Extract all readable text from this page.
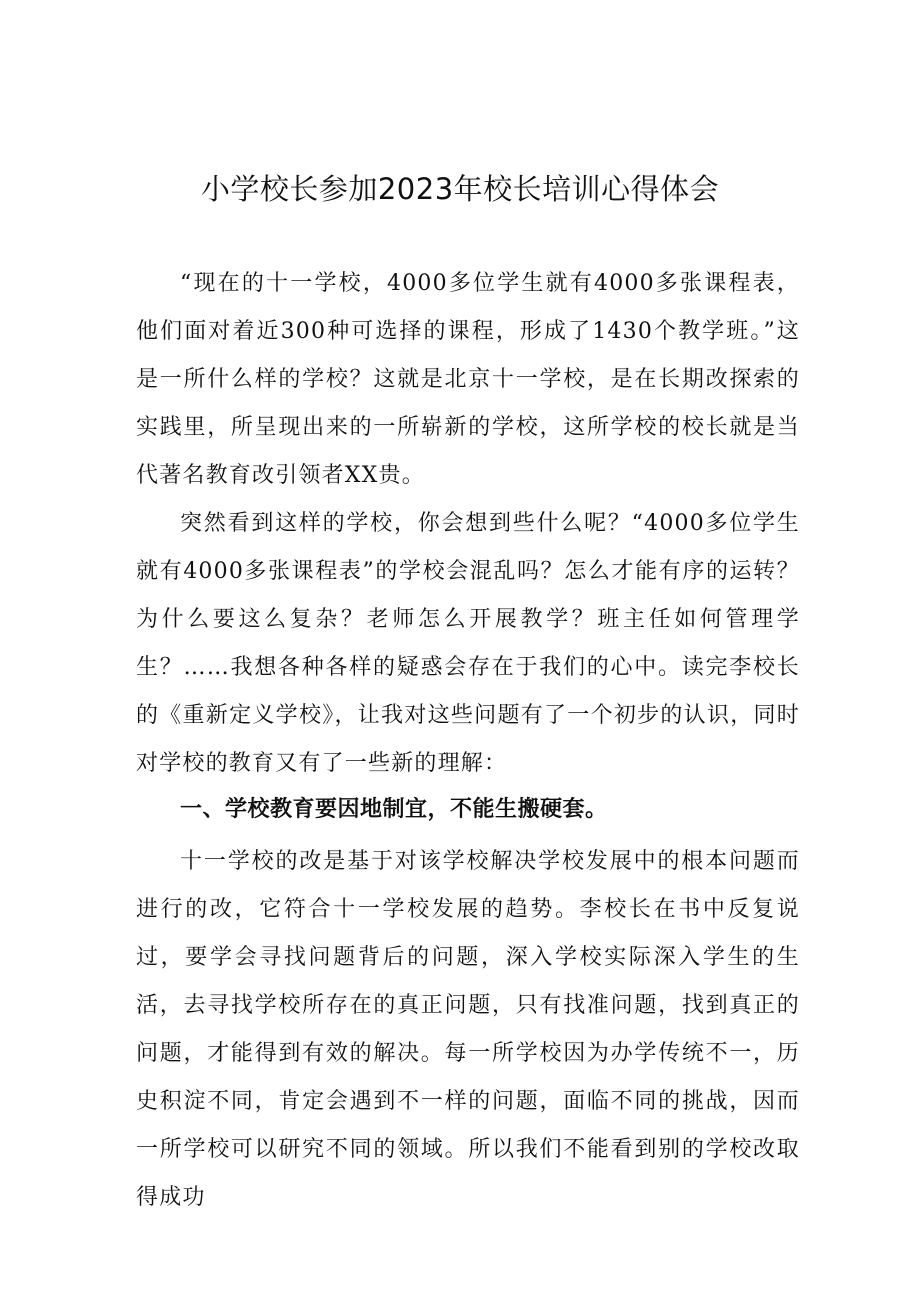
小学校长参加2023年校长培训心得体会

“现在的十一学校，4000多位学生就有4000多张课程表，他们面对着近300种可选择的课程，形成了1430个教学班。”这是一所什么样的学校？这就是北京十一学校，是在长期改探索的实践里，所呈现出来的一所崭新的学校，这所学校的校长就是当代著名教育改引领者XX贵。

突然看到这样的学校，你会想到些什么呢？“4000多位学生就有4000多张课程表”的学校会混乱吗？怎么才能有序的运转？为什么要这么复杂？老师怎么开展教学？班主任如何管理学生？……我想各种各样的疑惑会存在于我们的心中。读完李校长的《重新定义学校》，让我对这些问题有了一个初步的认识，同时对学校的教育又有了一些新的理解：

一、学校教育要因地制宜，不能生搬硬套。

十一学校的改是基于对该学校解决学校发展中的根本问题而进行的改，它符合十一学校发展的趋势。李校长在书中反复说过，要学会寻找问题背后的问题，深入学校实际深入学生的生活，去寻找学校所存在的真正问题，只有找准问题，找到真正的问题，才能得到有效的解决。每一所学校因为办学传统不一，历史积淀不同，肯定会遇到不一样的问题，面临不同的挑战，因而一所学校可以研究不同的领域。所以我们不能看到别的学校改取得成功
